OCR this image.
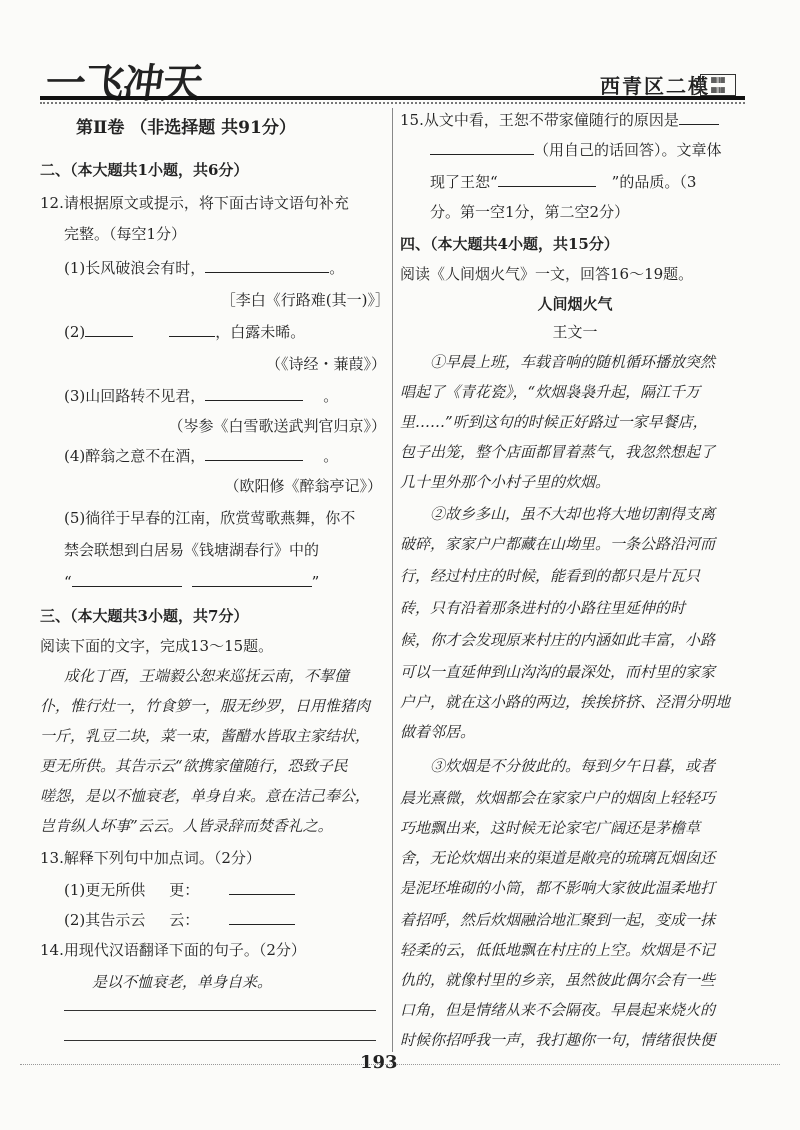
一飞冲天	西青区二模 ▦▦
▦▦
第Ⅱ卷 （非选择题 共91分）
二、（本大题共1小题，共6分）
12.请根据原文或提示，将下面古诗文语句补充
完整。（每空1分）
(1)长风破浪会有时，	。
［李白《行路难(其一)》］
(2)	，白露未晞。
（《诗经・蒹葭》）
(3)山回路转不见君，	。
（岑参《白雪歌送武判官归京》）
(4)醉翁之意不在酒，	。
（欧阳修《醉翁亭记》）
(5)徜徉于早春的江南，欣赏莺歌燕舞，你不
禁会联想到白居易《钱塘湖春行》中的
“	”
三、（本大题共3小题，共7分）
阅读下面的文字，完成13～15题。
成化丁酉，王端毅公恕来巡抚云南，不挈僮
仆，惟行灶一，竹食箩一，服无纱罗，日用惟猪肉
一斤，乳豆二块，菜一束，酱醋水皆取主家结状，
更无所供。其告示云“欲携家僮随行，恐致子民
嗟怨，是以不恤衰老，单身自来。意在洁己奉公，
岂肯纵人坏事”云云。人皆录辞而焚香礼之。
13.解释下列句中加点词。（2分）
(1)更无所供 更：
(2)其告示云 云：
14.用现代汉语翻译下面的句子。（2分）
是以不恤衰老，单身自来。
15.从文中看，王恕不带家僮随行的原因是
（用自己的话回答）。文章体
现了王恕“	”的品质。（3
分。第一空1分，第二空2分）
四、（本大题共4小题，共15分）
阅读《人间烟火气》一文，回答16～19题。
人间烟火气
王文一
①早晨上班，车载音响的随机循环播放突然
唱起了《青花瓷》，“炊烟袅袅升起，隔江千万
里……”听到这句的时候正好路过一家早餐店，
包子出笼，整个店面都冒着蒸气，我忽然想起了
几十里外那个小村子里的炊烟。
②故乡多山，虽不大却也将大地切割得支离
破碎，家家户户都藏在山坳里。一条公路沿河而
行，经过村庄的时候，能看到的都只是片瓦只
砖，只有沿着那条进村的小路往里延伸的时
候，你才会发现原来村庄的内涵如此丰富，小路
可以一直延伸到山沟沟的最深处，而村里的家家
户户，就在这小路的两边，挨挨挤挤、泾渭分明地
做着邻居。
③炊烟是不分彼此的。每到夕午日暮，或者
晨光熹微，炊烟都会在家家户户的烟囱上轻轻巧
巧地飘出来，这时候无论家宅广阔还是茅檐草
舍，无论炊烟出来的渠道是敞亮的琉璃瓦烟囱还
是泥坯堆砌的小筒，都不影响大家彼此温柔地打
着招呼，然后炊烟融洽地汇聚到一起，变成一抹
轻柔的云，低低地飘在村庄的上空。炊烟是不记
仇的，就像村里的乡亲，虽然彼此偶尔会有一些
口角，但是情绪从来不会隔夜。早晨起来烧火的
时候你招呼我一声，我打趣你一句，情绪很快便
193
